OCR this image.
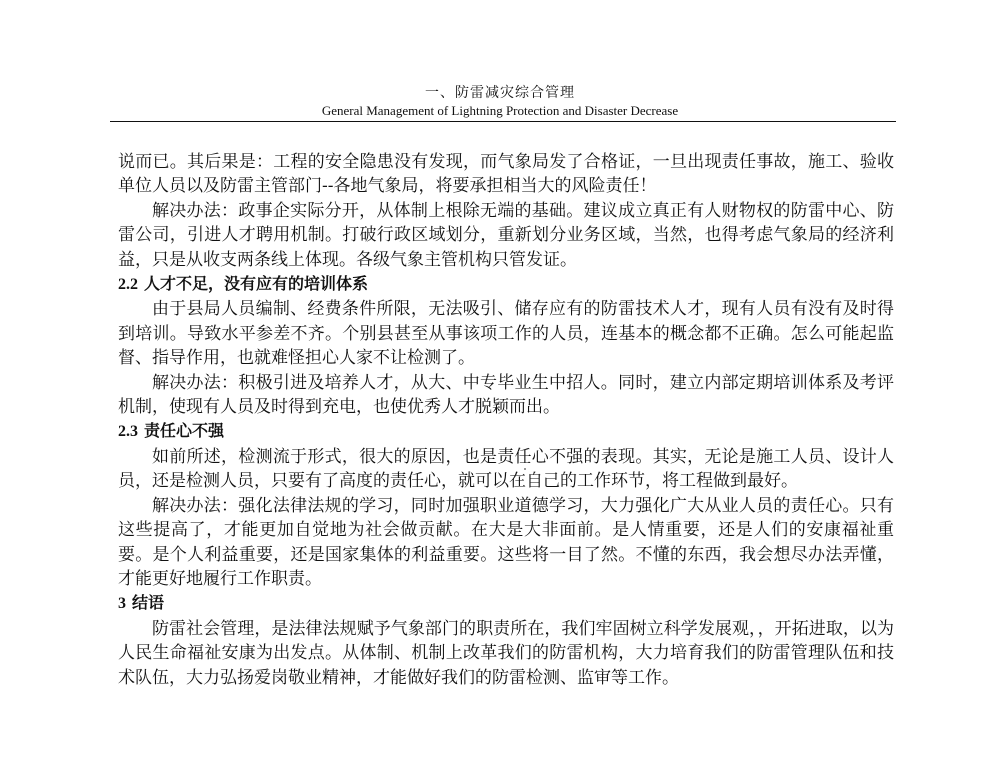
一、防雷减灾综合管理
General Management of Lightning Protection and Disaster Decrease

说而已。其后果是：工程的安全隐患没有发现，而气象局发了合格证，一旦出现责任事故，施工、验收单位人员以及防雷主管部门--各地气象局，将要承担相当大的风险责任！

解决办法：政事企实际分开，从体制上根除无端的基础。建议成立真正有人财物权的防雷中心、防雷公司，引进人才聘用机制。打破行政区域划分，重新划分业务区域，当然，也得考虑气象局的经济利益，只是从收支两条线上体现。各级气象主管机构只管发证。

2.2 人才不足，没有应有的培训体系

由于县局人员编制、经费条件所限，无法吸引、储存应有的防雷技术人才，现有人员有没有及时得到培训。导致水平参差不齐。个别县甚至从事该项工作的人员，连基本的概念都不正确。怎么可能起监督、指导作用，也就难怪担心人家不让检测了。

解决办法：积极引进及培养人才，从大、中专毕业生中招人。同时，建立内部定期培训体系及考评机制，使现有人员及时得到充电，也使优秀人才脱颖而出。

2.3 责任心不强

如前所述，检测流于形式，很大的原因，也是责任心不强的表现。其实，无论是施工人员、设计人员，还是检测人员，只要有了高度的责任心，就可以在自己的工作环节，将工程做到最好。

解决办法：强化法律法规的学习，同时加强职业道德学习，大力强化广大从业人员的责任心。只有这些提高了，才能更加自觉地为社会做贡献。在大是大非面前。是人情重要，还是人们的安康福祉重要。是个人利益重要，还是国家集体的利益重要。这些将一目了然。不懂的东西，我会想尽办法弄懂，才能更好地履行工作职责。

3 结语

防雷社会管理，是法律法规赋予气象部门的职责所在，我们牢固树立科学发展观，，开拓进取，以为人民生命福祉安康为出发点。从体制、机制上改革我们的防雷机构，大力培育我们的防雷管理队伍和技术队伍，大力弘扬爱岗敬业精神，才能做好我们的防雷检测、监审等工作。
